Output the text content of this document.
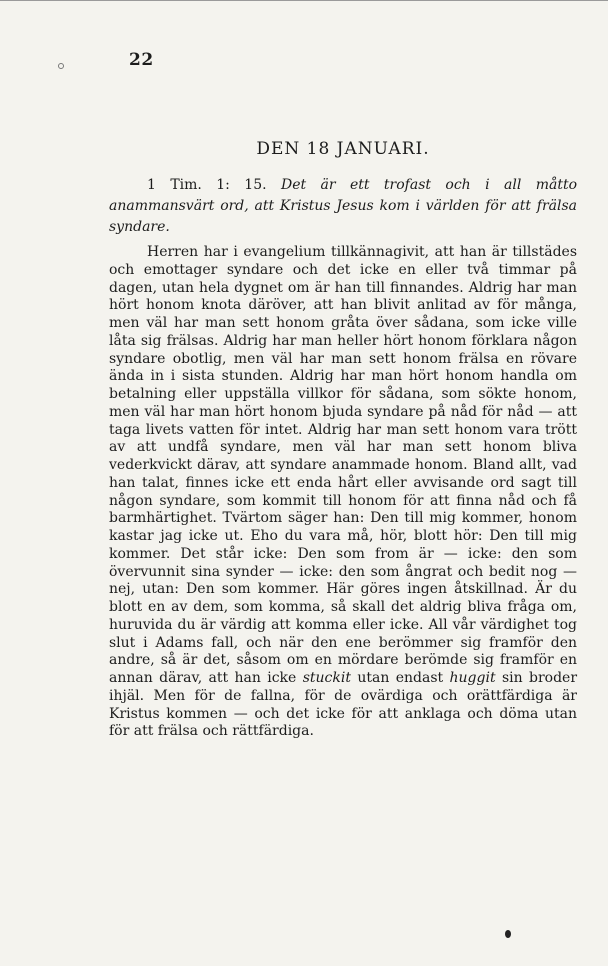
22
DEN 18 JANUARI.

1 Tim. 1: 15. Det är ett trofast och i all måtto anammansvärt ord, att Kristus Jesus kom i världen för att frälsa syndare.

Herren har i evangelium tillkännagivit, att han är tillstädes och emottager syndare och det icke en eller två timmar på dagen, utan hela dygnet om är han till finnandes. Aldrig har man hört honom knota däröver, att han blivit anlitad av för många, men väl har man sett honom gråta över sådana, som icke ville låta sig frälsas. Aldrig har man heller hört honom förklara någon syndare obotlig, men väl har man sett honom frälsa en rövare ända in i sista stunden. Aldrig har man hört honom handla om betalning eller uppställa villkor för sådana, som sökte honom, men väl har man hört honom bjuda syndare på nåd för nåd — att taga livets vatten för intet. Aldrig har man sett honom vara trött av att undfå syndare, men väl har man sett honom bliva vederkvickt därav, att syndare anammade honom. Bland allt, vad han talat, finnes icke ett enda hårt eller avvisande ord sagt till någon syndare, som kommit till honom för att finna nåd och få barmhärtighet. Tvärtom säger han: Den till mig kommer, honom kastar jag icke ut. Eho du vara må, hör, blott hör: Den till mig kommer. Det står icke: Den som from är — icke: den som övervunnit sina synder — icke: den som ångrat och bedit nog — nej, utan: Den som kommer. Här göres ingen åtskillnad. Är du blott en av dem, som komma, så skall det aldrig bliva fråga om, huruvida du är värdig att komma eller icke. All vår värdighet tog slut i Adams fall, och när den ene berömmer sig framför den andre, så är det, såsom om en mördare berömde sig framför en annan därav, att han icke stuckit utan endast huggit sin broder ihjäl. Men för de fallna, för de ovärdiga och orättfärdiga är Kristus kommen — och det icke för att anklaga och döma utan för att frälsa och rättfärdiga.
